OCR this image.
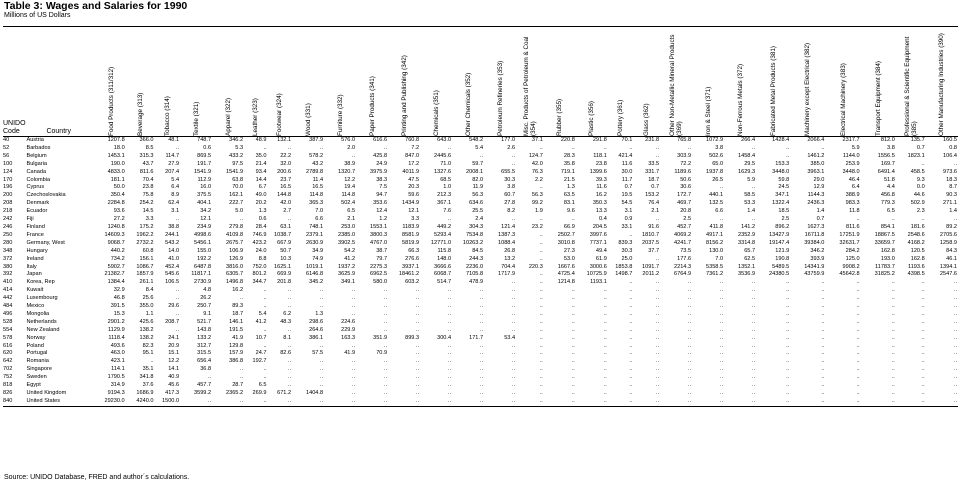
Table 3: Wages and Salaries for 1990
Millions of US Dollars
UNIDO
Code	Country	Food Products (311/312)	Beverage (313)	Tobacco (314)	Textile (321)	Apparel (322)	Leather (323)	Footwear (324)	Wood (331)	Furniture (332)	Paper Products (341)	Printing and Publishing (342)	Chemicals (351)	Other Chemicals (352)	Petroleum Refineries (353)	Misc. Products of Petroleum & Coal (354)	Rubber (355)	Plastic (356)	Pottery (361)	Glass (362)	Other Non-Metallic Mineral Products (369)	Iron & Steel (371)	Non-Ferrous Metals (372)	Fabricated Metal Products (381)	Machinery except Electrical (382)	Electrical Machinery (383)	Transport Equipment (384)	Professional & Scientific Equipment (385)	Other Manufacturing Industries (390)

40	Austria	1207.8	366.0	48.1	748.7	346.2	48.9	132.1	387.9	576.0	616.6	760.8	643.0	548.2	177.0	37.1	220.8	291.8	70.1	231.8	765.8	1072.9	266.4	1428.4	2066.4	2317.7	812.0	135.7	160.5
52	Barbados	18.0	8.5	..	0.6	5.3	..	..	..	2.0	..	7.2	..	5.4	2.6	..	..	..	..	..	..	3.8	..	..	..	5.9	3.8	0.7	0.8
56	Belgium	1453.1	315.3	114.7	869.5	433.2	35.0	22.2	578.2	..	425.8	847.0	2445.6	..	..	124.7	28.3	118.1	421.4	..	303.9	502.6	1458.4	..	1461.2	1144.0	1556.5	1823.1	106.4
100	Bulgaria	190.0	43.7	27.9	191.7	97.5	21.4	32.0	43.2	38.9	24.9	17.2	71.0	59.7	..	42.0	35.8	23.8	11.6	33.5	72.2	65.0	29.5	153.3	385.0	253.9	169.7	..	..
124	Canada	4833.0	811.6	207.4	1541.9	1541.9	93.4	200.6	2789.8	1320.7	3975.9	4011.9	1327.6	2008.1	655.5	76.3	719.1	1399.6	30.0	331.7	1189.6	1937.8	1629.3	3448.0	3963.1	3448.0	6491.4	458.5	973.6
170	Colombia	181.1	70.4	5.4	112.9	63.8	14.4	23.7	11.4	12.2	38.3	47.5	68.5	82.0	30.3	2.2	21.5	39.3	11.7	18.7	50.6	26.5	5.9	59.8	29.0	46.4	51.8	9.3	18.3
196	Cyprus	50.0	23.8	6.4	16.0	70.0	6.7	16.5	16.5	19.4	7.5	20.3	1.0	11.9	3.8	..	1.3	11.6	0.7	0.7	30.6	..	..	24.5	12.9	6.4	4.4	0.0	8.7
200	Czechoslovakia	350.4	75.8	8.9	375.5	162.1	49.0	144.8	114.8	114.8	94.7	59.6	212.3	56.3	60.7	56.3	63.5	16.2	19.5	153.2	172.7	440.1	58.5	347.1	1144.3	388.9	456.8	44.6	90.3
208	Denmark	2284.8	254.2	62.4	404.1	222.7	20.2	42.0	365.3	502.4	353.6	1434.9	367.1	634.6	27.8	99.2	83.1	350.3	54.5	76.4	469.7	132.5	53.3	1322.4	2436.3	983.3	779.3	502.9	271.1
218	Ecuador	93.6	14.5	3.1	34.2	5.0	1.3	2.7	7.0	6.5	12.4	12.1	7.6	25.5	8.2	1.9	9.6	13.3	3.1	2.1	20.8	6.6	1.4	18.5	1.4	11.8	6.5	2.3	1.4
242	Fiji	27.2	3.3	..	12.1	..	0.6	..	6.6	2.1	1.2	3.3	..	2.4	..	..	..	0.4	0.9	..	2.5	..	..	2.5	0.7	..	..	..	..
246	Finland	1240.8	175.2	38.8	234.9	279.8	28.4	63.1	748.1	253.0	1553.1	1183.9	449.2	304.3	121.4	23.2	66.9	204.5	33.1	91.6	452.7	411.8	141.2	896.2	1627.3	811.6	854.1	181.6	89.2
250	France	14609.3	1962.2	244.1	4998.6	4109.8	746.9	1038.7	2379.1	2385.0	3800.3	8581.9	5293.4	7534.8	1387.3	..	2502.7	3997.6	..	1810.7	4069.2	4917.1	2352.9	13427.9	16711.8	17251.9	18867.5	2548.6	2705.6
280	Germany, West	9068.7	2732.2	543.2	5456.1	2675.7	423.2	667.9	2630.9	3902.5	4767.0	5819.9	12771.0	10263.2	1088.4	..	3010.8	7737.1	839.3	2037.5	4241.7	8156.2	3314.8	19147.4	39384.0	32631.7	33659.7	4168.2	1258.9
348	Hungary	440.2	60.8	14.0	155.0	106.9	24.0	50.7	34.9	54.2	38.7	66.3	115.8	84.5	26.8	..	27.3	49.4	30.3	37.7	73.5	130.0	65.7	121.9	346.2	284.2	162.8	120.5	84.3
372	Ireland	734.2	156.1	41.0	192.2	126.9	8.8	10.3	74.9	41.2	79.7	276.6	148.0	244.3	13.2	..	53.0	61.9	25.0	..	177.6	7.0	62.5	190.8	393.9	125.0	193.0	162.8	46.1
380	Italy	5902.7	1086.7	452.4	6487.8	3816.0	752.0	1625.1	1019.1	1937.2	2275.3	3937.1	3666.6	2236.0	704.4	220.3	1667.6	3000.6	1853.8	1091.7	2214.3	5358.5	1352.1	5489.5	14341.9	9908.2	11783.7	1193.6	1394.1
392	Japan	21382.7	1857.9	545.6	11817.1	6305.7	801.2	669.9	6146.8	3625.9	6962.5	18461.2	6068.7	7105.8	1717.9	..	4725.4	10725.9	1498.7	2011.2	6764.9	7361.2	3536.9	24380.5	43759.9	45642.8	31825.2	4398.5	2547.6
410	Korea, Rep	1384.4	261.1	106.5	2730.9	1496.8	344.7	201.8	345.2	349.1	580.0	603.2	514.7	478.9	..	..	1214.8	1193.1	..	..	..	..	..	..	..	..	..	..	..
414	Kuwait	32.9	8.4	..	4.8	16.2	..	..	..	..	..	..	..	..	..	..	..	..	..	..	..	..	..	..	..	..	..	..	..
442	Luxembourg	46.8	25.6	..	26.2	..	..	..	..	..	..	..	..	..	..	..	..	..	..	..	..	..	..	..	..	..	..	..	..
484	Mexico	391.5	355.0	29.6	250.7	89.3	..	..	..	..	..	..	..	..	..	..	..	..	..	..	..	..	..	..	..	..	..	..	..
496	Mongolia	15.3	1.1	..	9.1	18.7	5.4	6.2	1.3	..	..	..	..	..	..	..	..	..	..	..	..	..	..	..	..	..	..	..	..
528	Netherlands	2901.2	425.6	208.7	521.7	146.1	41.2	48.3	298.6	224.6	..	..	..	..	..	..	..	..	..	..	..	..	..	..	..	..	..	..	..
554	New Zealand	1129.9	138.2	..	143.8	191.5	..	..	264.6	229.9	..	..	..	..	..	..	..	..	..	..	..	..	..	..	..	..	..	..	..
578	Norway	1118.4	138.2	24.1	133.2	41.9	10.7	8.1	386.1	163.3	351.9	899.3	300.4	171.7	53.4	..	..	..	..	..	..	..	..	..	..	..	..	..	..
616	Poland	493.6	82.3	20.9	312.7	129.8	..	..	..	..	..	..	..	..	..	..	..	..	..	..	..	..	..	..	..	..	..	..	..
620	Portugal	463.0	95.1	15.1	315.5	157.9	24.7	82.6	57.5	41.9	70.9	..	..	..	..	..	..	..	..	..	..	..	..	..	..	..	..	..	..
642	Romania	423.1	..	12.2	656.4	386.8	192.7	..	..	..	..	..	..	..	..	..	..	..	..	..	..	..	..	..	..	..	..	..	..
702	Singapore	114.1	35.1	14.1	36.8	..	..	..	..	..	..	..	..	..	..	..	..	..	..	..	..	..	..	..	..	..	..	..	..
752	Sweden	1790.5	341.8	40.9	..	..	..	..	..	..	..	..	..	..	..	..	..	..	..	..	..	..	..	..	..	..	..	..	..
818	Egypt	314.9	37.6	45.6	457.7	28.7	6.5	..	..	..	..	..	..	..	..	..	..	..	..	..	..	..	..	..	..	..	..	..	..
826	United Kingdom	9194.3	1686.9	417.3	3599.2	2365.2	269.9	671.2	1404.8	..	..	..	..	..	..	..	..	..	..	..	..	..	..	..	..	..	..	..	..
840	United States	29230.0	4240.0	1500.0	..	..	..	..	..	..	..	..	..	..	..	..	..	..	..	..	..	..	..	..	..	..	..	..	..
Source: UNIDO Database, FRED and author´s calculations.
